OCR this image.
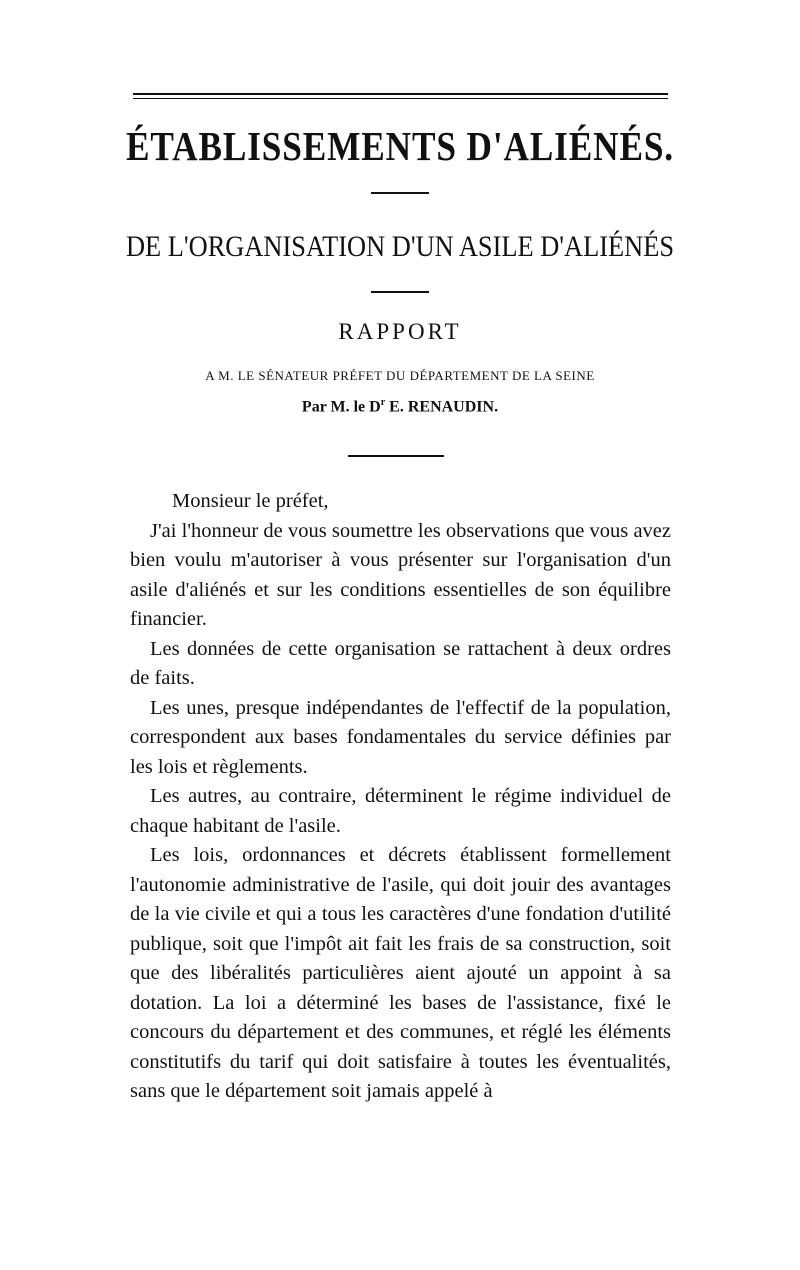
ÉTABLISSEMENTS D'ALIÉNÉS.
DE L'ORGANISATION D'UN ASILE D'ALIÉNÉS
RAPPORT
A M. LE SÉNATEUR PRÉFET DU DÉPARTEMENT DE LA SEINE
Par M. le $D^r$ E. RENAUDIN.

Monsieur le préfet,

J'ai l'honneur de vous soumettre les observations que vous avez bien voulu m'autoriser à vous présenter sur l'organisation d'un asile d'aliénés et sur les conditions essentielles de son équilibre financier.

Les données de cette organisation se rattachent à deux ordres de faits.

Les unes, presque indépendantes de l'effectif de la population, correspondent aux bases fondamentales du service définies par les lois et règlements.

Les autres, au contraire, déterminent le régime individuel de chaque habitant de l'asile.

Les lois, ordonnances et décrets établissent formellement l'autonomie administrative de l'asile, qui doit jouir des avantages de la vie civile et qui a tous les caractères d'une fondation d'utilité publique, soit que l'impôt ait fait les frais de sa construction, soit que des libéralités particulières aient ajouté un appoint à sa dotation. La loi a déterminé les bases de l'assistance, fixé le concours du département et des communes, et réglé les éléments constitutifs du tarif qui doit satisfaire à toutes les éventualités, sans que le département soit jamais appelé à
